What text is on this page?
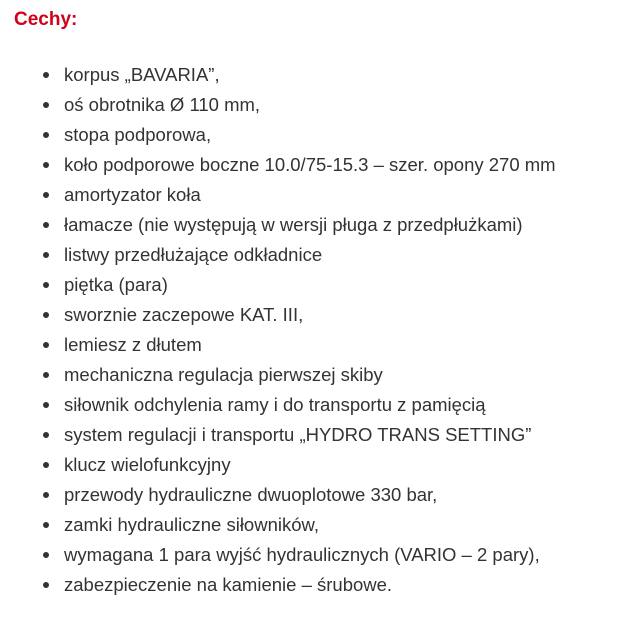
Cechy:
korpus „BAVARIA”,
oś obrotnika Ø 110 mm,
stopa podporowa,
koło podporowe boczne 10.0/75-15.3 – szer. opony 270 mm
amortyzator koła
łamacze (nie występują w wersji pługa z przedpłużkami)
listwy przedłużające odkładnice
piętka (para)
sworznie zaczepowe KAT. III,
lemiesz z dłutem
mechaniczna regulacja pierwszej skiby
siłownik odchylenia ramy i do transportu z pamięcią
system regulacji i transportu „HYDRO TRANS SETTING”
klucz wielofunkcyjny
przewody hydrauliczne dwuoplotowe 330 bar,
zamki hydrauliczne siłowników,
wymagana 1 para wyjść hydraulicznych (VARIO – 2 pary),
zabezpieczenie na kamienie – śrubowe.
